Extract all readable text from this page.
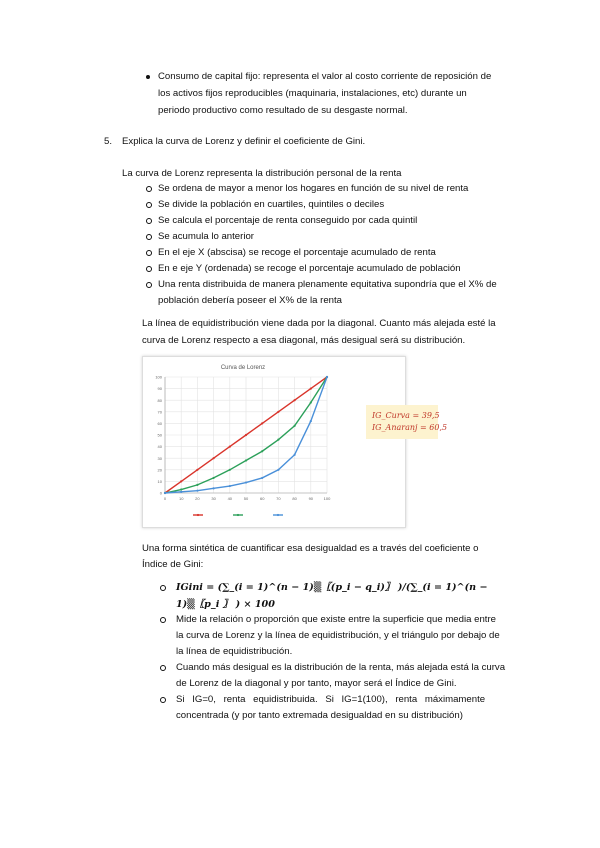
Consumo de capital fijo: representa el valor al costo corriente de reposición de
los activos fijos reproducibles (maquinaria, instalaciones, etc) durante un
periodo productivo como resultado de su desgaste normal.
5. Explica la curva de Lorenz y definir el coeficiente de Gini.
La curva de Lorenz representa la distribución personal de la renta
Se ordena de mayor a menor los hogares en función de su nivel de renta
Se divide la población en cuartiles, quintiles o deciles
Se calcula el porcentaje de renta conseguido por cada quintil
Se acumula lo anterior
En el eje X (abscisa) se recoge el porcentaje acumulado de renta
En e eje Y (ordenada) se recoge el porcentaje acumulado de población
Una renta distribuida de manera plenamente equitativa supondría que el X% de
población debería poseer el X% de la renta
La línea de equidistribución viene dada por la diagonal. Cuanto más alejada esté la
curva de Lorenz respecto a esa diagonal, más desigual será su distribución.
Curva de Lorenz
0
10
20
30
40
50
60
70
80
90
100
0	10	20	30	40	50	60	70	80	90	100
IG_Curva = 39,5
IG_Anaranj = 60,5
Una forma sintética de cuantificar esa desigualdad es a través del coeficiente o
Índice de Gini:
IGini = (∑_(i = 1)^(n − 1)▒〖(p_i − q_i)〗 )/(∑_(i = 1)^(n −
1)▒〖p_i 〗 ) × 100
Mide la relación o proporción que existe entre la superficie que media entre
la curva de Lorenz y la línea de equidistribución, y el triángulo por debajo de
la línea de equidistribución.
Cuando más desigual es la distribución de la renta, más alejada está la curva
de Lorenz de la diagonal y por tanto, mayor será el Índice de Gini.
Si IG=0, renta equidistribuida. Si IG=1(100), renta máximamente
concentrada (y por tanto extremada desigualdad en su distribución)
